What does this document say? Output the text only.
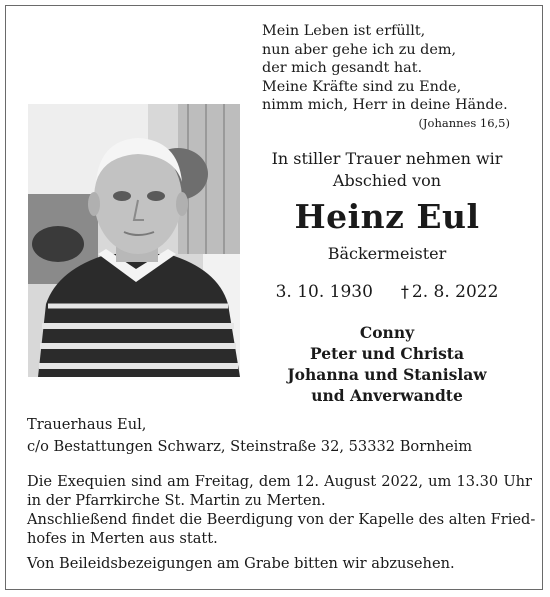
Mein Leben ist erfüllt,
nun aber gehe ich zu dem,
der mich gesandt hat.
Meine Kräfte sind zu Ende,
nimm mich, Herr in deine Hände.
(Johannes 16,5)
In stiller Trauer nehmen wir
Abschied von
Heinz Eul
Bäckermeister
3. 10. 1930 † 2. 8. 2022
Conny
Peter und Christa
Johanna und Stanislaw
und Anverwandte
Trauerhaus Eul,
c/o Bestattungen Schwarz, Steinstraße 32, 53332 Bornheim
Die Exequien sind am Freitag, dem 12. August 2022, um 13.30 Uhr
in der Pfarrkirche St. Martin zu Merten.
Anschließend findet die Beerdigung von der Kapelle des alten Fried-
hofes in Merten aus statt.
Von Beileidsbezeigungen am Grabe bitten wir abzusehen.
